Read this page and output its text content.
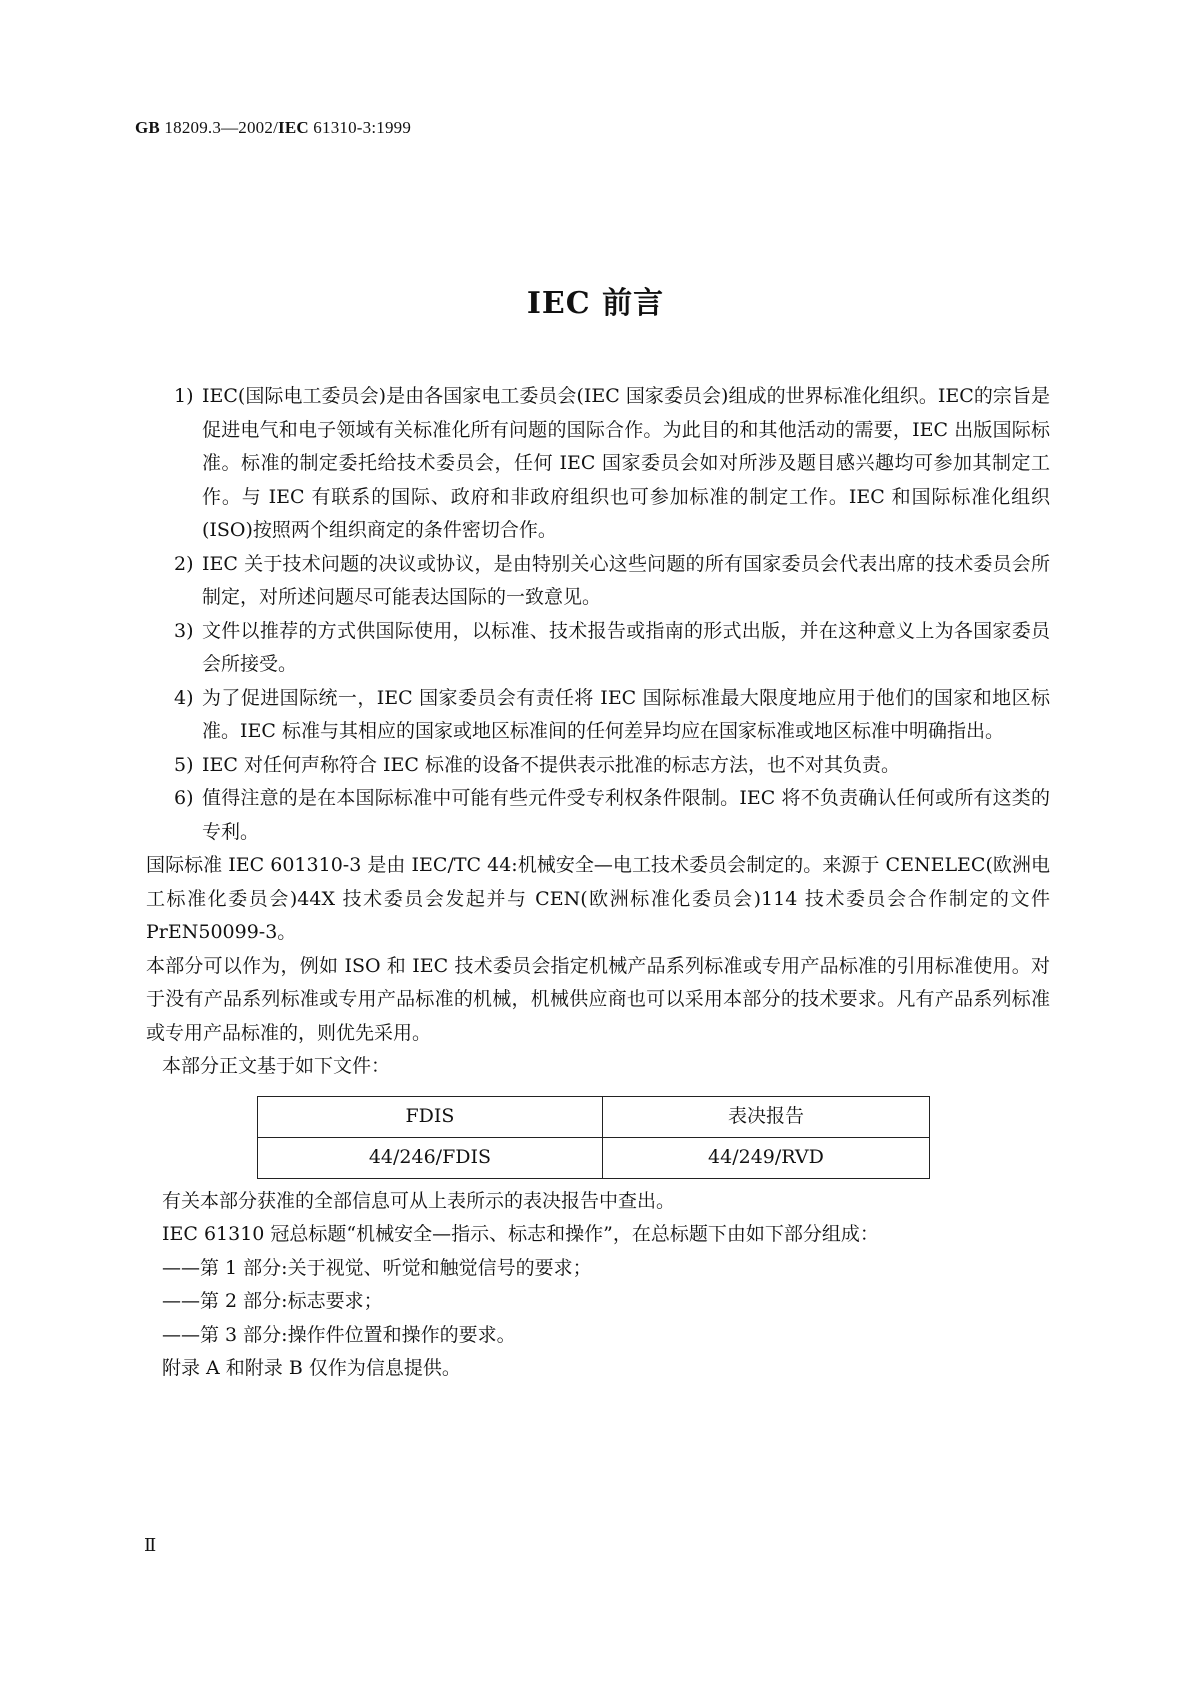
GB 18209.3—2002/IEC 61310-3:1999
IEC 前言
1) IEC(国际电工委员会)是由各国家电工委员会(IEC 国家委员会)组成的世界标准化组织。IEC的宗旨是促进电气和电子领域有关标准化所有问题的国际合作。为此目的和其他活动的需要，IEC 出版国际标准。标准的制定委托给技术委员会，任何 IEC 国家委员会如对所涉及题目感兴趣均可参加其制定工作。与 IEC 有联系的国际、政府和非政府组织也可参加标准的制定工作。IEC 和国际标准化组织(ISO)按照两个组织商定的条件密切合作。
2) IEC 关于技术问题的决议或协议，是由特别关心这些问题的所有国家委员会代表出席的技术委员会所制定，对所述问题尽可能表达国际的一致意见。
3) 文件以推荐的方式供国际使用，以标准、技术报告或指南的形式出版，并在这种意义上为各国家委员会所接受。
4) 为了促进国际统一，IEC 国家委员会有责任将 IEC 国际标准最大限度地应用于他们的国家和地区标准。IEC 标准与其相应的国家或地区标准间的任何差异均应在国家标准或地区标准中明确指出。
5) IEC 对任何声称符合 IEC 标准的设备不提供表示批准的标志方法，也不对其负责。
6) 值得注意的是在本国际标准中可能有些元件受专利权条件限制。IEC 将不负责确认任何或所有这类的专利。
国际标准 IEC 601310-3 是由 IEC/TC 44:机械安全—电工技术委员会制定的。来源于 CENELEC(欧洲电工标准化委员会)44X 技术委员会发起并与 CEN(欧洲标准化委员会)114 技术委员会合作制定的文件 PrEN50099-3。
本部分可以作为，例如 ISO 和 IEC 技术委员会指定机械产品系列标准或专用产品标准的引用标准使用。对于没有产品系列标准或专用产品标准的机械，机械供应商也可以采用本部分的技术要求。凡有产品系列标准或专用产品标准的，则优先采用。
本部分正文基于如下文件：
FDIS	表决报告
44/246/FDIS	44/249/RVD
有关本部分获准的全部信息可从上表所示的表决报告中查出。
IEC 61310 冠总标题“机械安全—指示、标志和操作”，在总标题下由如下部分组成：
——第 1 部分:关于视觉、听觉和触觉信号的要求；
——第 2 部分:标志要求；
——第 3 部分:操作件位置和操作的要求。
附录 A 和附录 B 仅作为信息提供。
Ⅱ
